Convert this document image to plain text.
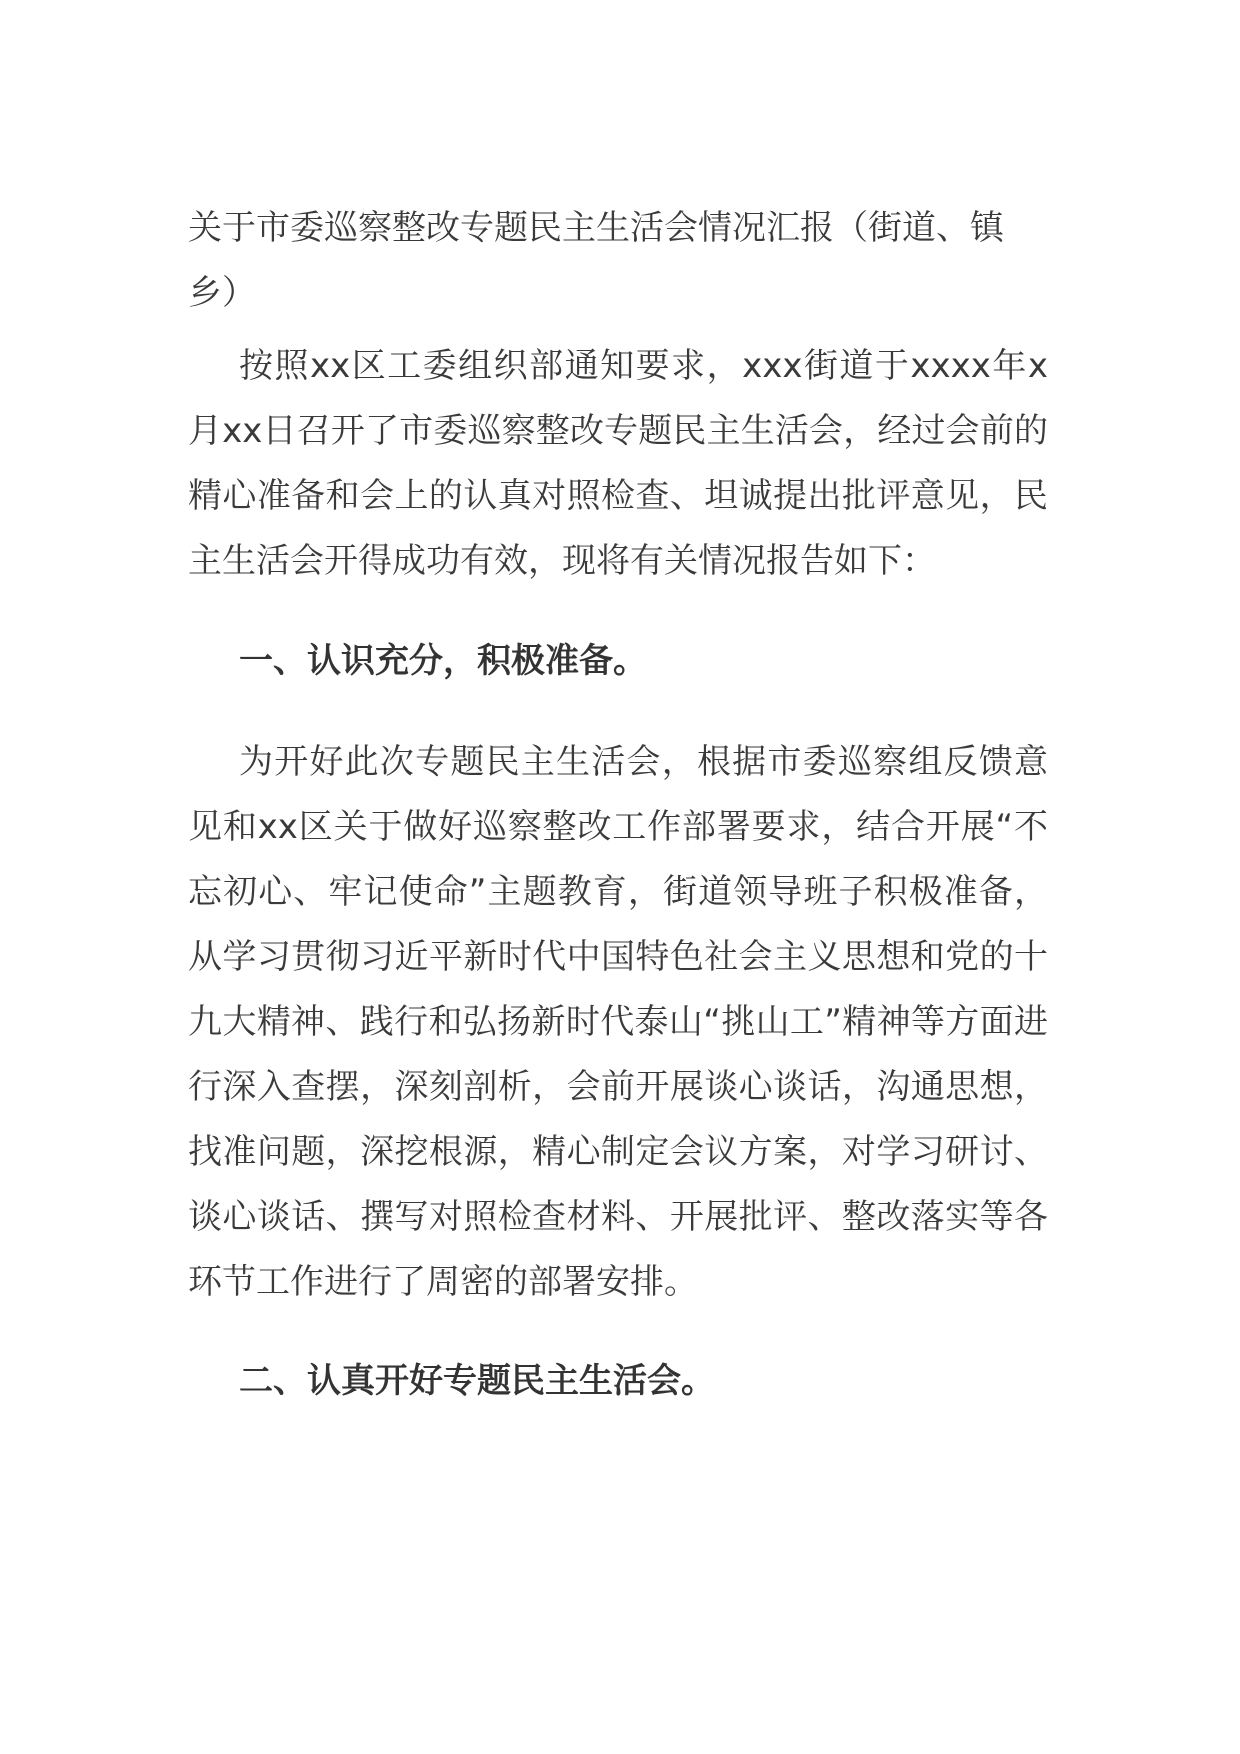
关于市委巡察整改专题民主生活会情况汇报（街道、镇乡）

按照xx区工委组织部通知要求，xxx街道于xxxx年x月xx日召开了市委巡察整改专题民主生活会，经过会前的精心准备和会上的认真对照检查、坦诚提出批评意见，民主生活会开得成功有效，现将有关情况报告如下：

一、认识充分，积极准备。

为开好此次专题民主生活会，根据市委巡察组反馈意见和xx区关于做好巡察整改工作部署要求，结合开展“不忘初心、牢记使命”主题教育，街道领导班子积极准备，从学习贯彻习近平新时代中国特色社会主义思想和党的十九大精神、践行和弘扬新时代泰山“挑山工”精神等方面进行深入查摆，深刻剖析，会前开展谈心谈话，沟通思想，找准问题，深挖根源，精心制定会议方案，对学习研讨、谈心谈话、撰写对照检查材料、开展批评、整改落实等各环节工作进行了周密的部署安排。

二、认真开好专题民主生活会。
